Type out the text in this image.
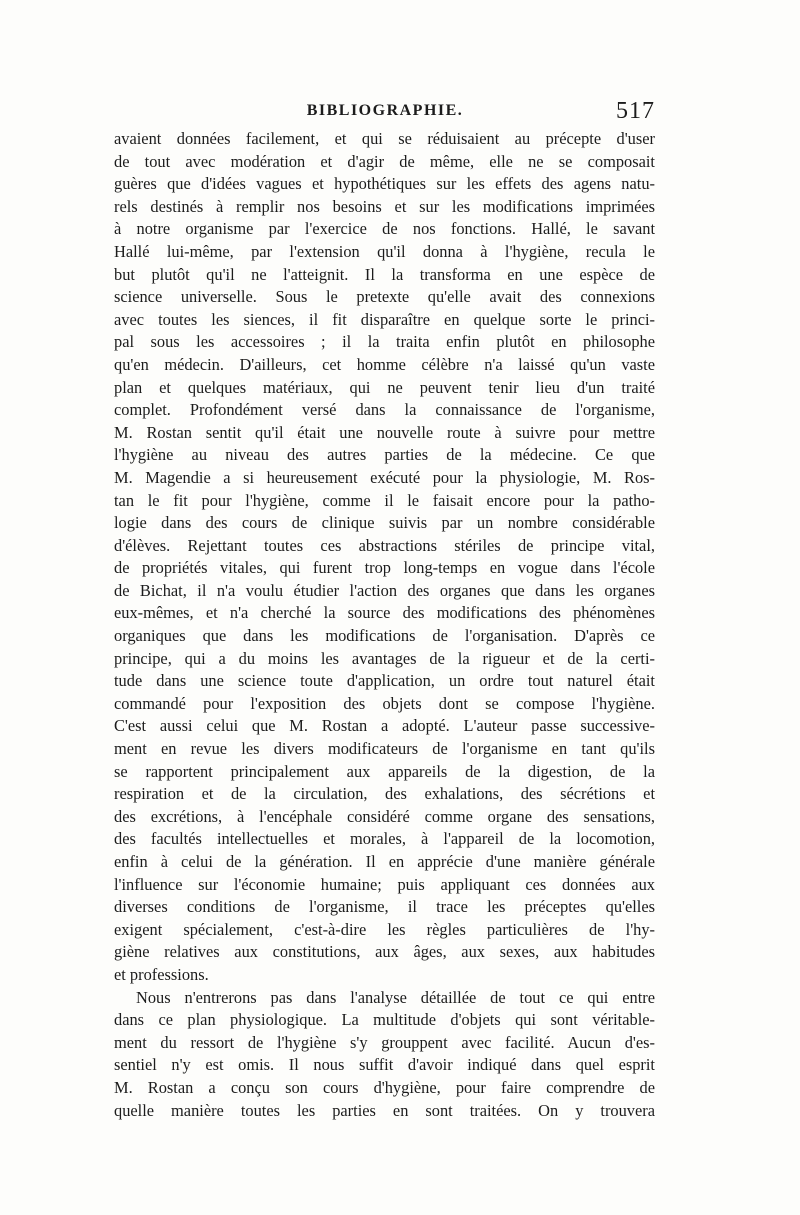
BIBLIOGRAPHIE.	517
avaient données facilement, et qui se réduisaient au précepte d'user
de tout avec modération et d'agir de même, elle ne se composait
guères que d'idées vagues et hypothétiques sur les effets des agens natu-
rels destinés à remplir nos besoins et sur les modifications imprimées
à notre organisme par l'exercice de nos fonctions. Hallé, le savant
Hallé lui-même, par l'extension qu'il donna à l'hygiène, recula le
but plutôt qu'il ne l'atteignit. Il la transforma en une espèce de
science universelle. Sous le pretexte qu'elle avait des connexions
avec toutes les siences, il fit disparaître en quelque sorte le princi-
pal sous les accessoires ; il la traita enfin plutôt en philosophe
qu'en médecin. D'ailleurs, cet homme célèbre n'a laissé qu'un vaste
plan et quelques matériaux, qui ne peuvent tenir lieu d'un traité
complet. Profondément versé dans la connaissance de l'organisme,
M. Rostan sentit qu'il était une nouvelle route à suivre pour mettre
l'hygiène au niveau des autres parties de la médecine. Ce que
M. Magendie a si heureusement exécuté pour la physiologie, M. Ros-
tan le fit pour l'hygiène, comme il le faisait encore pour la patho-
logie dans des cours de clinique suivis par un nombre considérable
d'élèves. Rejettant toutes ces abstractions stériles de principe vital,
de propriétés vitales, qui furent trop long-temps en vogue dans l'école
de Bichat, il n'a voulu étudier l'action des organes que dans les organes
eux-mêmes, et n'a cherché la source des modifications des phénomènes
organiques que dans les modifications de l'organisation. D'après ce
principe, qui a du moins les avantages de la rigueur et de la certi-
tude dans une science toute d'application, un ordre tout naturel était
commandé pour l'exposition des objets dont se compose l'hygiène.
C'est aussi celui que M. Rostan a adopté. L'auteur passe successive-
ment en revue les divers modificateurs de l'organisme en tant qu'ils
se rapportent principalement aux appareils de la digestion, de la
respiration et de la circulation, des exhalations, des sécrétions et
des excrétions, à l'encéphale considéré comme organe des sensations,
des facultés intellectuelles et morales, à l'appareil de la locomotion,
enfin à celui de la génération. Il en apprécie d'une manière générale
l'influence sur l'économie humaine; puis appliquant ces données aux
diverses conditions de l'organisme, il trace les préceptes qu'elles
exigent spécialement, c'est-à-dire les règles particulières de l'hy-
giène relatives aux constitutions, aux âges, aux sexes, aux habitudes
et professions.
Nous n'entrerons pas dans l'analyse détaillée de tout ce qui entre
dans ce plan physiologique. La multitude d'objets qui sont véritable-
ment du ressort de l'hygiène s'y grouppent avec facilité. Aucun d'es-
sentiel n'y est omis. Il nous suffit d'avoir indiqué dans quel esprit
M. Rostan a conçu son cours d'hygiène, pour faire comprendre de
quelle manière toutes les parties en sont traitées. On y trouvera
